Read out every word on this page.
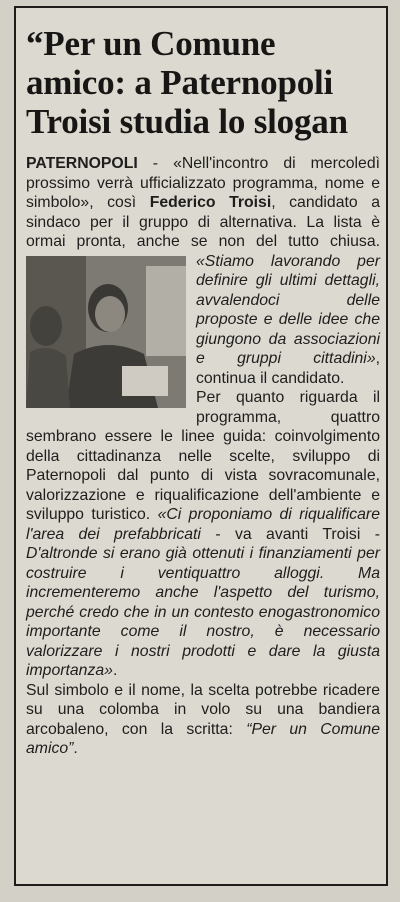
“Per un Comune amico: a Paternopoli Troisi studia lo slogan

PATERNOPOLI - «Nell'incontro di mercoledì prossimo verrà ufficializzato programma, nome e simbolo», così Federico Troisi, candidato a sindaco per il gruppo di alternativa. La lista è ormai pronta, anche se non del tutto chiusa.
«Stiamo lavorando per definire gli ultimi dettagli, avvalendoci delle proposte e delle idee che giungono da associazioni e gruppi cittadini», continua il candidato.

Per quanto riguarda il programma, quattro sembrano essere le linee guida: coinvolgimento della cittadinanza nelle scelte, sviluppo di Paternopoli dal punto di vista sovracomunale, valorizzazione e riqualificazione dell'ambiente e sviluppo turistico. «Ci proponiamo di riqualificare l'area dei prefabbricati - va avanti Troisi - D'altronde si erano già ottenuti i finanziamenti per costruire i ventiquattro alloggi. Ma incrementeremo anche l'aspetto del turismo, perché credo che in un contesto enogastronomico importante come il nostro, è necessario valorizzare i nostri prodotti e dare la giusta importanza».

Sul simbolo e il nome, la scelta potrebbe ricadere su una colomba in volo su una bandiera arcobaleno, con la scritta: “Per un Comune amico”.
